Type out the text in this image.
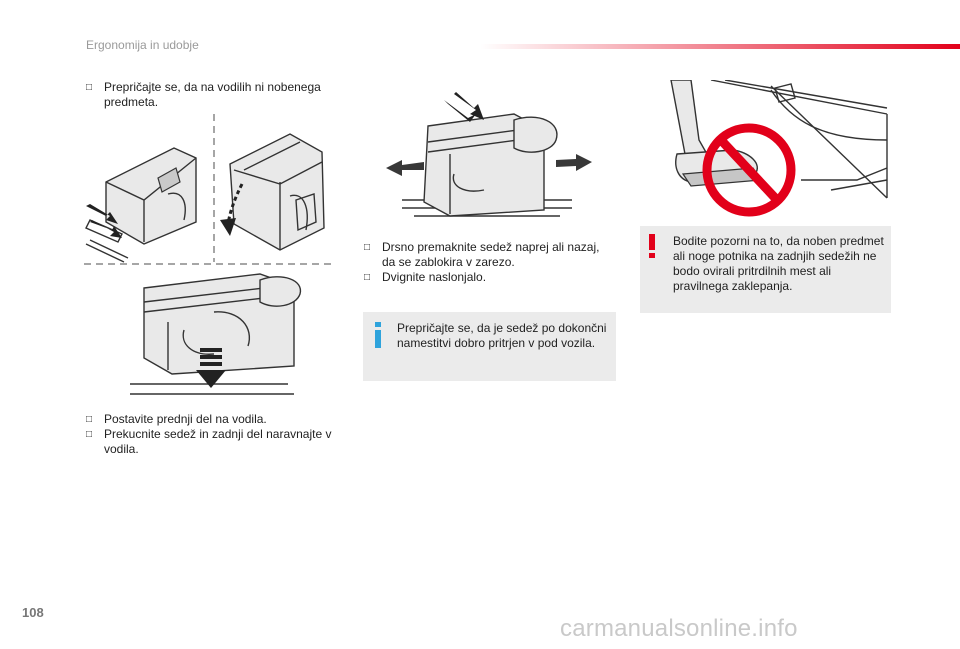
Ergonomija in udobje
□ Prepričajte se, da na vodilih ni nobenega predmeta.
□ Postavite prednji del na vodila.
□ Prekucnite sedež in zadnji del naravnajte v vodila.
□ Drsno premaknite sedež naprej ali nazaj, da se zablokira v zarezo.
□ Dvignite naslonjalo.
Prepričajte se, da je sedež po dokončni namestitvi dobro pritrjen v pod vozila.
Bodite pozorni na to, da noben predmet ali noge potnika na zadnjih sedežih ne bodo ovirali pritrdilnih mest ali pravilnega zaklepanja.
108
carmanualsonline.info
